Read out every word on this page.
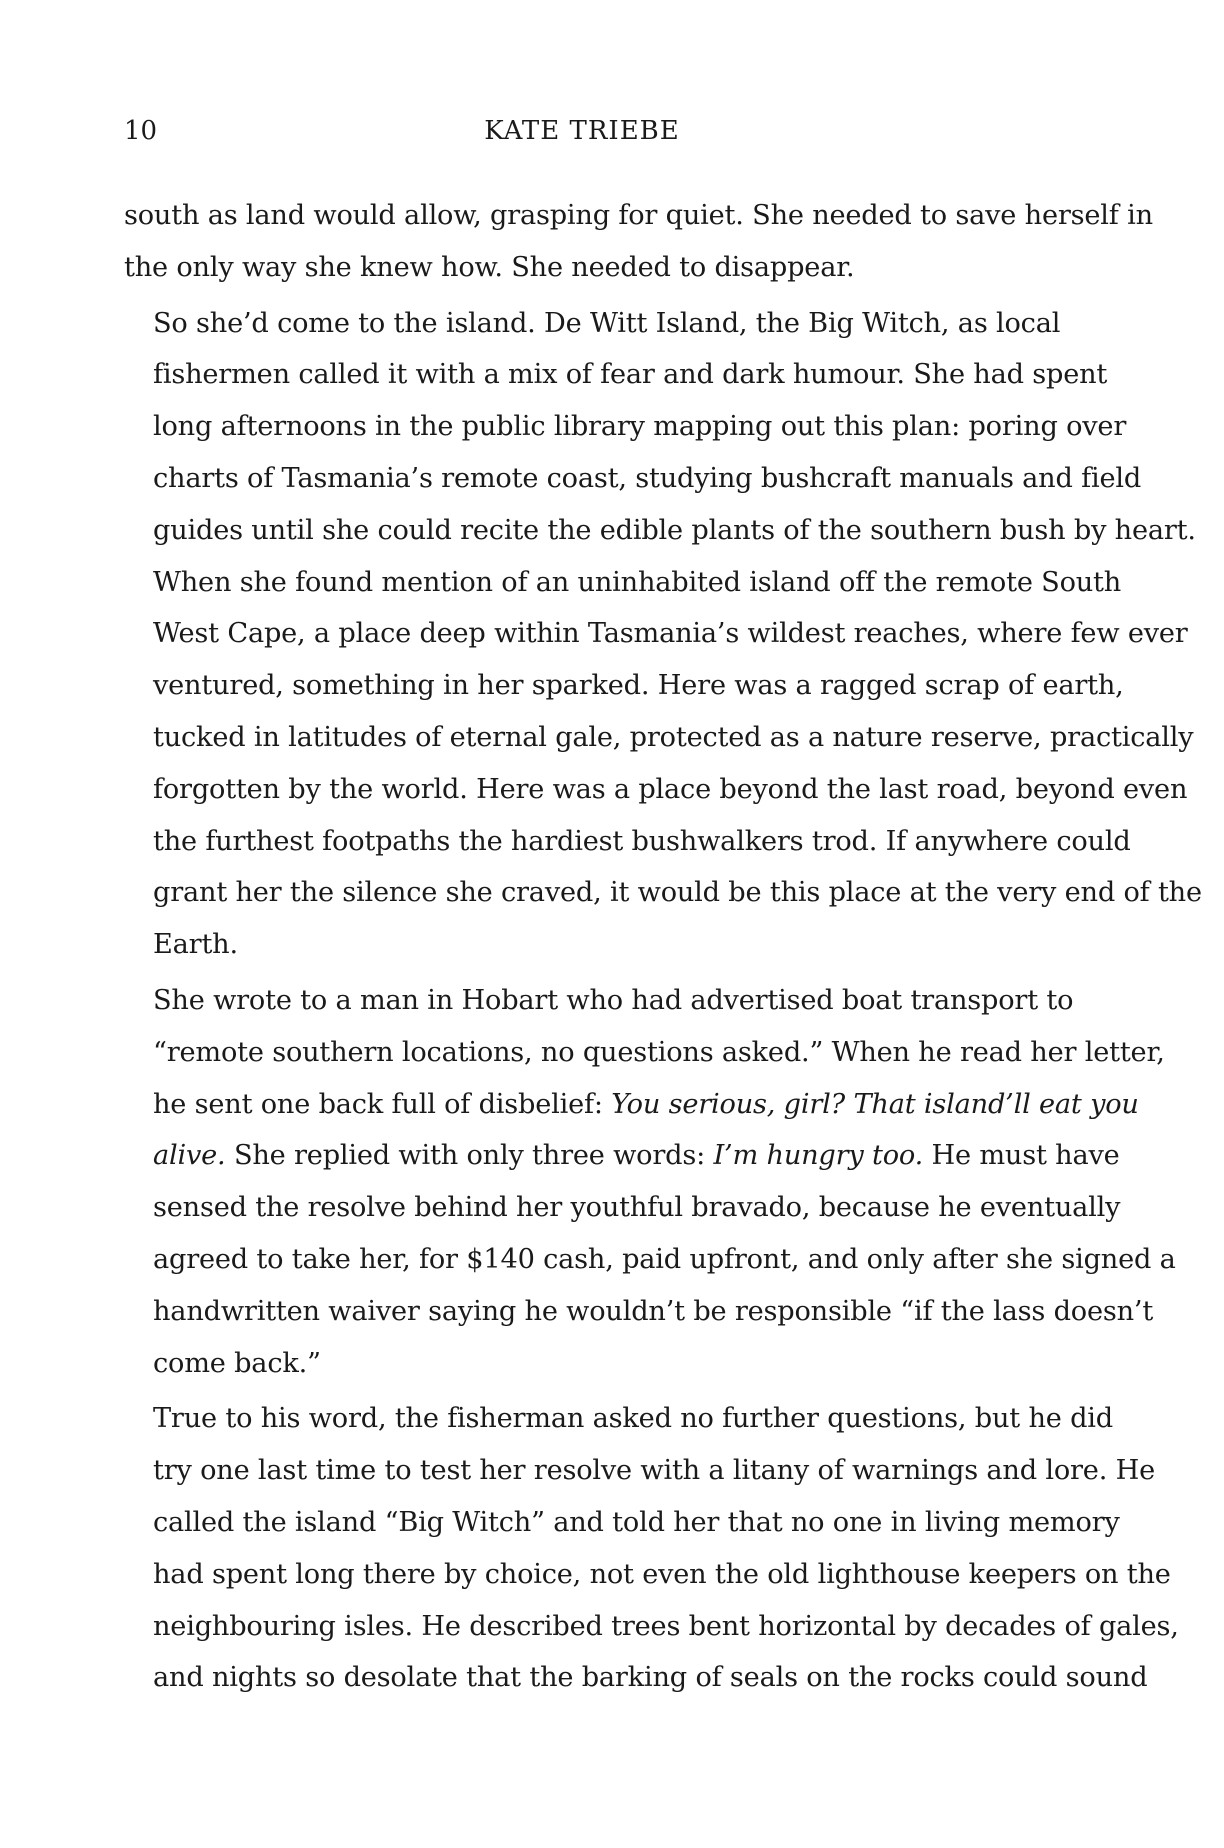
10	KATE TRIEBE

south as land would allow, grasping for quiet. She needed to save herself in
the only way she knew how. She needed to disappear.

So she’d come to the island. De Witt Island, the Big Witch, as local
fishermen called it with a mix of fear and dark humour. She had spent
long afternoons in the public library mapping out this plan: poring over
charts of Tasmania’s remote coast, studying bushcraft manuals and field
guides until she could recite the edible plants of the southern bush by heart.
When she found mention of an uninhabited island off the remote South
West Cape, a place deep within Tasmania’s wildest reaches, where few ever
ventured, something in her sparked. Here was a ragged scrap of earth,
tucked in latitudes of eternal gale, protected as a nature reserve, practically
forgotten by the world. Here was a place beyond the last road, beyond even
the furthest footpaths the hardiest bushwalkers trod. If anywhere could
grant her the silence she craved, it would be this place at the very end of the
Earth.

She wrote to a man in Hobart who had advertised boat transport to
“remote southern locations, no questions asked.” When he read her letter,
he sent one back full of disbelief: You serious, girl? That island’ll eat you
alive. She replied with only three words: I’m hungry too. He must have
sensed the resolve behind her youthful bravado, because he eventually
agreed to take her, for $140 cash, paid upfront, and only after she signed a
handwritten waiver saying he wouldn’t be responsible “if the lass doesn’t
come back.”

True to his word, the fisherman asked no further questions, but he did
try one last time to test her resolve with a litany of warnings and lore. He
called the island “Big Witch” and told her that no one in living memory
had spent long there by choice, not even the old lighthouse keepers on the
neighbouring isles. He described trees bent horizontal by decades of gales,
and nights so desolate that the barking of seals on the rocks could sound
